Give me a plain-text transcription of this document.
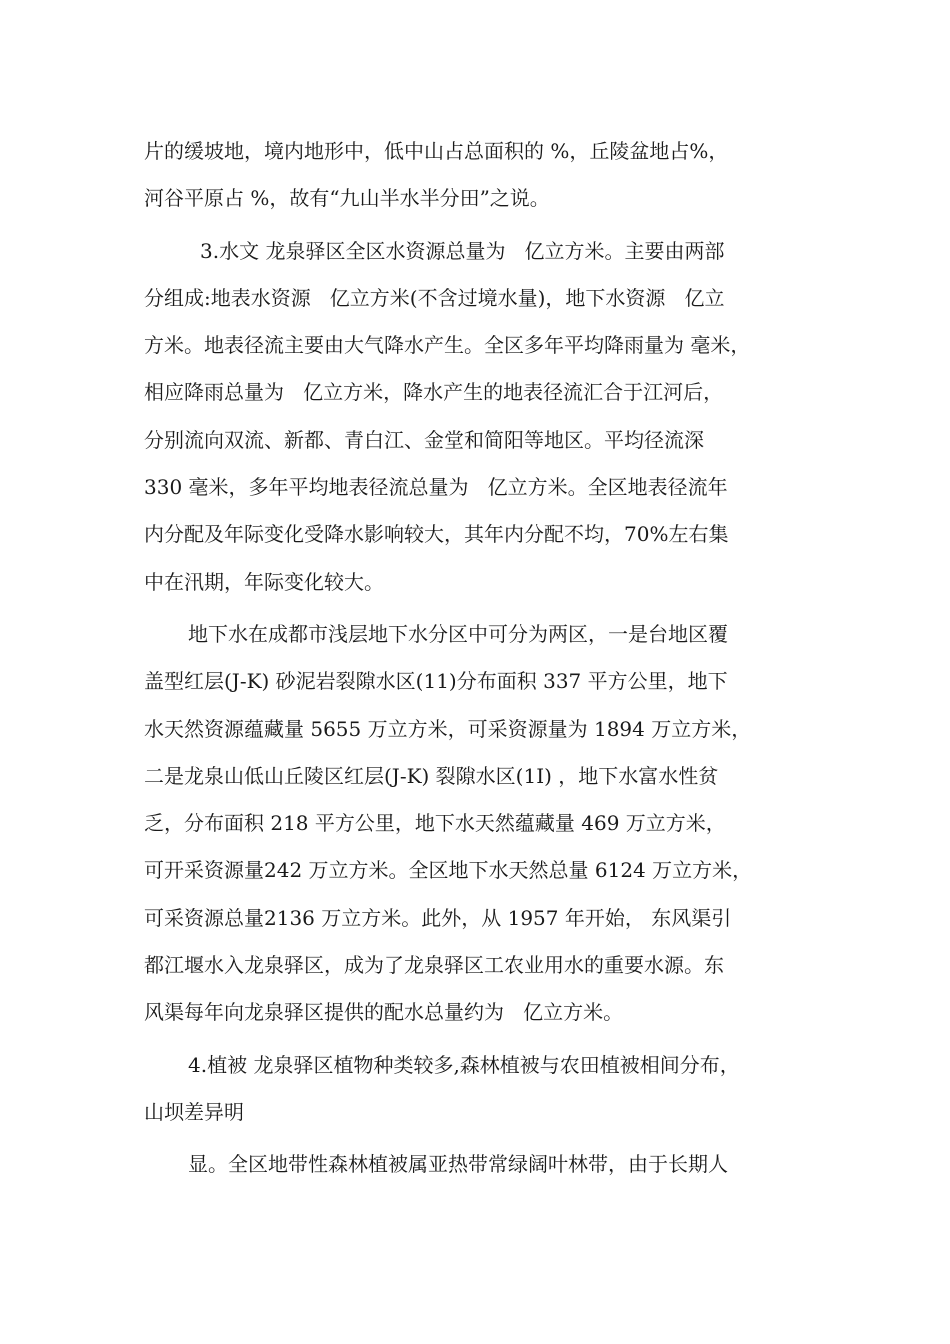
片的缓坡地，境内地形中，低中山占总面积的 %，丘陵盆地占%，
河谷平原占 %，故有“九山半水半分田”之说。
3.水文 龙泉驿区全区水资源总量为   亿立方米。主要由两部
分组成:地表水资源   亿立方米(不含过境水量)，地下水资源   亿立
方米。地表径流主要由大气降水产生。全区多年平均降雨量为 毫米，
相应降雨总量为   亿立方米，降水产生的地表径流汇合于江河后，
分别流向双流、新都、青白江、金堂和简阳等地区。平均径流深
330 毫米，多年平均地表径流总量为   亿立方米。全区地表径流年
内分配及年际变化受降水影响较大，其年内分配不均，70%左右集
中在汛期，年际变化较大。
地下水在成都市浅层地下水分区中可分为两区，一是台地区覆
盖型红层(J-K) 砂泥岩裂隙水区(11)分布面积 337 平方公里，地下
水天然资源蕴藏量 5655 万立方米，可采资源量为 1894 万立方米，
二是龙泉山低山丘陵区红层(J-K) 裂隙水区(1I) ，地下水富水性贫
乏，分布面积 218 平方公里，地下水天然蕴藏量 469 万立方米，
可开采资源量242 万立方米。全区地下水天然总量 6124 万立方米，
可采资源总量2136 万立方米。此外，从 1957 年开始， 东风渠引
都江堰水入龙泉驿区，成为了龙泉驿区工农业用水的重要水源。东
风渠每年向龙泉驿区提供的配水总量约为   亿立方米。
4.植被 龙泉驿区植物种类较多,森林植被与农田植被相间分布，
山坝差异明
显。全区地带性森林植被属亚热带常绿阔叶林带，由于长期人
